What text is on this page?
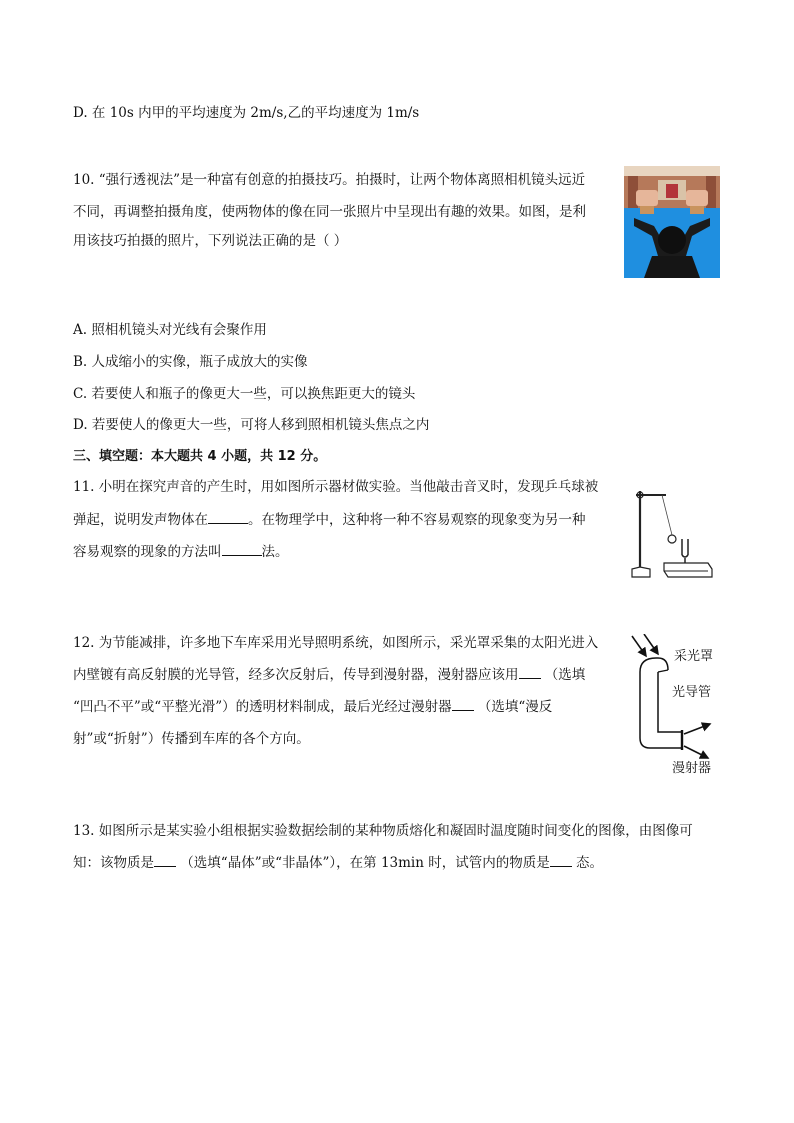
D. 在 10s 内甲的平均速度为 2m/s,乙的平均速度为 1m/s
10. “强行透视法”是一种富有创意的拍摄技巧。拍摄时，让两个物体离照相机镜头远近
不同，再调整拍摄角度，使两物体的像在同一张照片中呈现出有趣的效果。如图，是利
用该技巧拍摄的照片，下列说法正确的是（ ）
A. 照相机镜头对光线有会聚作用
B. 人成缩小的实像，瓶子成放大的实像
C. 若要使人和瓶子的像更大一些，可以换焦距更大的镜头
D. 若要使人的像更大一些，可将人移到照相机镜头焦点之内
三、填空题：本大题共 4 小题，共 12 分。
11. 小明在探究声音的产生时，用如图所示器材做实验。当他敲击音叉时，发现乒乓球被
弹起，说明发声物体在	。在物理学中，这种将一种不容易观察的现象变为另一种
容易观察的现象的方法叫	法。
12. 为节能减排，许多地下车库采用光导照明系统，如图所示，采光罩采集的太阳光进入
内壁镀有高反射膜的光导管，经多次反射后，传导到漫射器，漫射器应该用 （选填
“凹凸不平”或“平整光滑”）的透明材料制成，最后光经过漫射器 （选填“漫反
射”或“折射”）传播到车库的各个方向。
采光罩
光导管
漫射器
13. 如图所示是某实验小组根据实验数据绘制的某种物质熔化和凝固时温度随时间变化的图像，由图像可
知：该物质是 （选填“晶体”或“非晶体”），在第 13min 时，试管内的物质是 态。
